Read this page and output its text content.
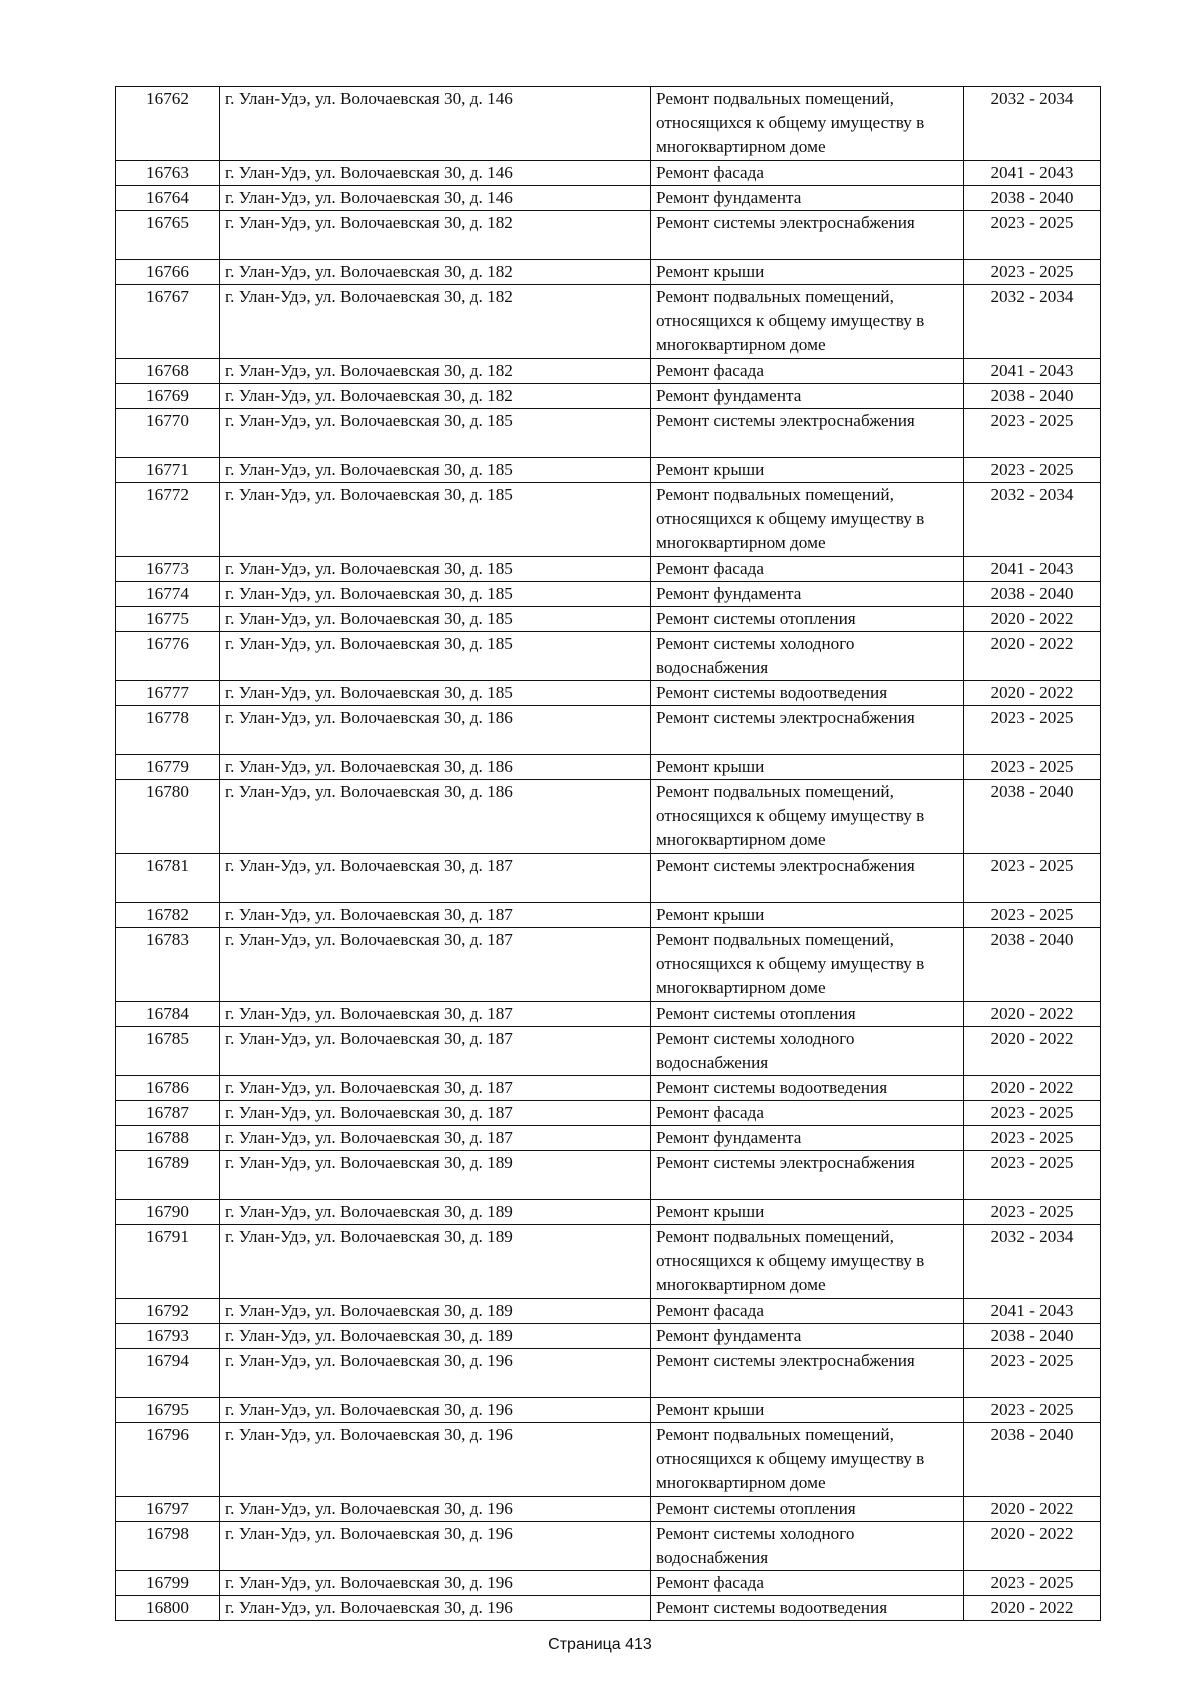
16762	г. Улан-Удэ, ул. Волочаевская 30, д. 146	Ремонт подвальных помещений, относящихся к общему имуществу в многоквартирном доме	2032 - 2034
16763	г. Улан-Удэ, ул. Волочаевская 30, д. 146	Ремонт фасада	2041 - 2043
16764	г. Улан-Удэ, ул. Волочаевская 30, д. 146	Ремонт фундамента	2038 - 2040
16765	г. Улан-Удэ, ул. Волочаевская 30, д. 182	Ремонт системы электроснабжения	2023 - 2025
16766	г. Улан-Удэ, ул. Волочаевская 30, д. 182	Ремонт крыши	2023 - 2025
16767	г. Улан-Удэ, ул. Волочаевская 30, д. 182	Ремонт подвальных помещений, относящихся к общему имуществу в многоквартирном доме	2032 - 2034
16768	г. Улан-Удэ, ул. Волочаевская 30, д. 182	Ремонт фасада	2041 - 2043
16769	г. Улан-Удэ, ул. Волочаевская 30, д. 182	Ремонт фундамента	2038 - 2040
16770	г. Улан-Удэ, ул. Волочаевская 30, д. 185	Ремонт системы электроснабжения	2023 - 2025
16771	г. Улан-Удэ, ул. Волочаевская 30, д. 185	Ремонт крыши	2023 - 2025
16772	г. Улан-Удэ, ул. Волочаевская 30, д. 185	Ремонт подвальных помещений, относящихся к общему имуществу в многоквартирном доме	2032 - 2034
16773	г. Улан-Удэ, ул. Волочаевская 30, д. 185	Ремонт фасада	2041 - 2043
16774	г. Улан-Удэ, ул. Волочаевская 30, д. 185	Ремонт фундамента	2038 - 2040
16775	г. Улан-Удэ, ул. Волочаевская 30, д. 185	Ремонт системы отопления	2020 - 2022
16776	г. Улан-Удэ, ул. Волочаевская 30, д. 185	Ремонт системы холодного водоснабжения	2020 - 2022
16777	г. Улан-Удэ, ул. Волочаевская 30, д. 185	Ремонт системы водоотведения	2020 - 2022
16778	г. Улан-Удэ, ул. Волочаевская 30, д. 186	Ремонт системы электроснабжения	2023 - 2025
16779	г. Улан-Удэ, ул. Волочаевская 30, д. 186	Ремонт крыши	2023 - 2025
16780	г. Улан-Удэ, ул. Волочаевская 30, д. 186	Ремонт подвальных помещений, относящихся к общему имуществу в многоквартирном доме	2038 - 2040
16781	г. Улан-Удэ, ул. Волочаевская 30, д. 187	Ремонт системы электроснабжения	2023 - 2025
16782	г. Улан-Удэ, ул. Волочаевская 30, д. 187	Ремонт крыши	2023 - 2025
16783	г. Улан-Удэ, ул. Волочаевская 30, д. 187	Ремонт подвальных помещений, относящихся к общему имуществу в многоквартирном доме	2038 - 2040
16784	г. Улан-Удэ, ул. Волочаевская 30, д. 187	Ремонт системы отопления	2020 - 2022
16785	г. Улан-Удэ, ул. Волочаевская 30, д. 187	Ремонт системы холодного водоснабжения	2020 - 2022
16786	г. Улан-Удэ, ул. Волочаевская 30, д. 187	Ремонт системы водоотведения	2020 - 2022
16787	г. Улан-Удэ, ул. Волочаевская 30, д. 187	Ремонт фасада	2023 - 2025
16788	г. Улан-Удэ, ул. Волочаевская 30, д. 187	Ремонт фундамента	2023 - 2025
16789	г. Улан-Удэ, ул. Волочаевская 30, д. 189	Ремонт системы электроснабжения	2023 - 2025
16790	г. Улан-Удэ, ул. Волочаевская 30, д. 189	Ремонт крыши	2023 - 2025
16791	г. Улан-Удэ, ул. Волочаевская 30, д. 189	Ремонт подвальных помещений, относящихся к общему имуществу в многоквартирном доме	2032 - 2034
16792	г. Улан-Удэ, ул. Волочаевская 30, д. 189	Ремонт фасада	2041 - 2043
16793	г. Улан-Удэ, ул. Волочаевская 30, д. 189	Ремонт фундамента	2038 - 2040
16794	г. Улан-Удэ, ул. Волочаевская 30, д. 196	Ремонт системы электроснабжения	2023 - 2025
16795	г. Улан-Удэ, ул. Волочаевская 30, д. 196	Ремонт крыши	2023 - 2025
16796	г. Улан-Удэ, ул. Волочаевская 30, д. 196	Ремонт подвальных помещений, относящихся к общему имуществу в многоквартирном доме	2038 - 2040
16797	г. Улан-Удэ, ул. Волочаевская 30, д. 196	Ремонт системы отопления	2020 - 2022
16798	г. Улан-Удэ, ул. Волочаевская 30, д. 196	Ремонт системы холодного водоснабжения	2020 - 2022
16799	г. Улан-Удэ, ул. Волочаевская 30, д. 196	Ремонт фасада	2023 - 2025
16800	г. Улан-Удэ, ул. Волочаевская 30, д. 196	Ремонт системы водоотведения	2020 - 2022
Страница 413
